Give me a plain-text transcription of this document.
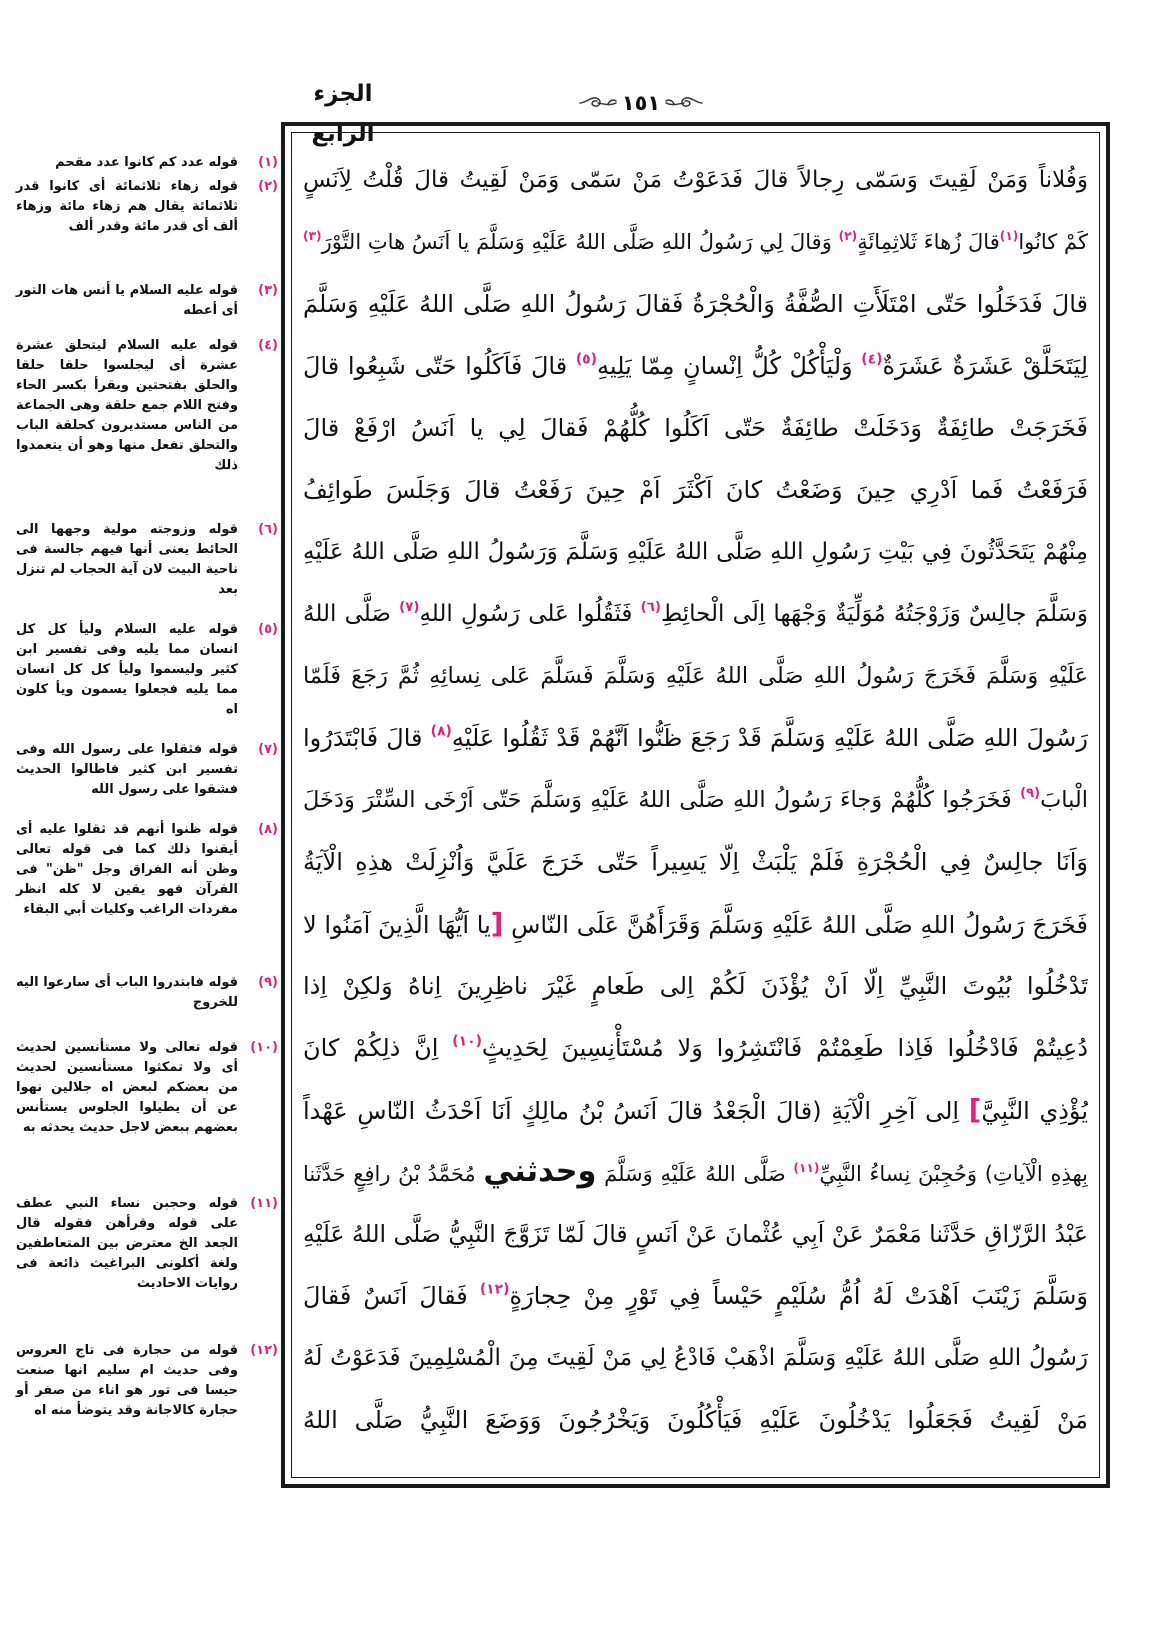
الجزء الرابع
١٥١
(١)
قوله عدد كم كانوا عدد مقحم
(٢)
قوله زهاء ثلاثمائة أى كانوا قدر ثلاثمائة يقال هم زهاء مائة وزهاء ألف أى قدر مائة وقدر ألف
(٣)
قوله عليه السلام يا أنس هات التور أى أعطه
(٤)
قوله عليه السلام ليتحلق عشرة عشرة أى ليجلسوا حلقا حلقا والحلق بفتحتين ويقرأ بكسر الحاء وفتح اللام جمع حلقة وهى الجماعة من الناس مستديرون كحلقة الباب والتحلق تفعل منها وهو أن يتعمدوا ذلك
(٦)
قوله وزوجته مولية وجهها الى الحائط يعنى أنها فيهم جالسة فى ناحية البيت لان آية الحجاب لم تنزل بعد
(٥)
قوله عليه السلام وليأ كل كل انسان مما يليه وفى تفسير ابن كثير وليسموا وليأ كل كل انسان مما يليه فجعلوا يسمون ويأ كلون اه
(٧)
قوله فثقلوا على رسول الله وفى تفسير ابن كثير فاطالوا الحديث فشقوا على رسول الله
(٨)
قوله ظنوا أنهم قد ثقلوا عليه أى أيقنوا ذلك كما فى قوله تعالى وظن أنه الفراق وجل "ظن" فى القرآن فهو يقين لا كله انظر مفردات الراغب وكليات أبي البقاء
(٩)
قوله فابتدروا الباب أى سارعوا اليه للخروج
(١٠)
قوله تعالى ولا مستأنسين لحديث أى ولا تمكثوا مستأنسين لحديث من بعضكم لبعض اه جلالين نهوا عن أن يطيلوا الجلوس يستأنس بعضهم ببعض لاجل حديث يحدثه به
(١١)
قوله وحجبن نساء النبي عطف على قوله وقرأهن فقوله قال الجعد الخ معترض بين المتعاطفين ولغة أكلونى البراغيث ذائعة فى روايات الاحاديث
(١٢)
قوله من حجارة فى تاج العروس وفى حديث ام سليم انها صنعت حيسا فى تور هو اناء من صفر أو حجارة كالاجانة وقد يتوضأ منه اه
وَفُلاناً وَمَنْ لَقِيتَ وَسَمّى رِجالاً قالَ فَدَعَوْتُ مَنْ سَمّى وَمَنْ لَقِيتُ قالَ قُلْتُ لِاَنَسٍ
كَمْ كانُوا$^{(١)}$قالَ زُهاءَ ثَلاثِمِائَةٍ$^{(٢)}$ وَقالَ لِي رَسُولُ اللهِ صَلَّى اللهُ عَلَيْهِ وَسَلَّمَ يا اَنَسُ هاتِ التَّوْرَ$^{(٣)}$
قالَ فَدَخَلُوا حَتّى امْتَلَأَتِ الصُّفَّةُ وَالْحُجْرَةُ فَقالَ رَسُولُ اللهِ صَلَّى اللهُ عَلَيْهِ وَسَلَّمَ
لِيَتَحَلَّقْ عَشَرَةٌ عَشَرَةٌ$^{(٤)}$ وَلْيَأْكُلْ كُلُّ اِنْسانٍ مِمّا يَلِيهِ$^{(٥)}$ قالَ فَاَكَلُوا حَتّى شَبِعُوا قالَ
فَخَرَجَتْ طائِفَةٌ وَدَخَلَتْ طائِفَةٌ حَتّى اَكَلُوا كُلُّهُمْ فَقالَ لِي يا اَنَسُ ارْفَعْ قالَ
فَرَفَعْتُ فَما اَدْرِي حِينَ وَضَعْتُ كانَ اَكْثَرَ اَمْ حِينَ رَفَعْتُ قالَ وَجَلَسَ طَوائِفُ
مِنْهُمْ يَتَحَدَّثُونَ فِي بَيْتِ رَسُولِ اللهِ صَلَّى اللهُ عَلَيْهِ وَسَلَّمَ وَرَسُولُ اللهِ صَلَّى اللهُ عَلَيْهِ
وَسَلَّمَ جالِسٌ وَزَوْجَتُهُ مُوَلِّيَةٌ وَجْهَها اِلَى الْحائِطِ$^{(٦)}$ فَثَقُلُوا عَلى رَسُولِ اللهِ$^{(٧)}$ صَلَّى اللهُ
عَلَيْهِ وَسَلَّمَ فَخَرَجَ رَسُولُ اللهِ صَلَّى اللهُ عَلَيْهِ وَسَلَّمَ فَسَلَّمَ عَلى نِسائِهِ ثُمَّ رَجَعَ فَلَمّا
رَسُولَ اللهِ صَلَّى اللهُ عَلَيْهِ وَسَلَّمَ قَدْ رَجَعَ ظَنُّوا اَنَّهُمْ قَدْ ثَقُلُوا عَلَيْهِ$^{(٨)}$ قالَ فَابْتَدَرُوا
الْبابَ$^{(٩)}$ فَخَرَجُوا كُلُّهُمْ وَجاءَ رَسُولُ اللهِ صَلَّى اللهُ عَلَيْهِ وَسَلَّمَ حَتّى اَرْخَى السِّتْرَ وَدَخَلَ
وَاَنَا جالِسٌ فِي الْحُجْرَةِ فَلَمْ يَلْبَثْ اِلّا يَسِيراً حَتّى خَرَجَ عَلَيَّ وَاُنْزِلَتْ هذِهِ الْآيَةُ
فَخَرَجَ رَسُولُ اللهِ صَلَّى اللهُ عَلَيْهِ وَسَلَّمَ وَقَرَأَهُنَّ عَلَى النّاسِ [يا اَيُّهَا الَّذِينَ آمَنُوا لا
تَدْخُلُوا بُيُوتَ النَّبِيِّ اِلّا اَنْ يُؤْذَنَ لَكُمْ اِلى طَعامٍ غَيْرَ ناظِرِينَ اِناهُ وَلكِنْ اِذا
دُعِيتُمْ فَادْخُلُوا فَاِذا طَعِمْتُمْ فَانْتَشِرُوا وَلا مُسْتَأْنِسِينَ لِحَدِيثٍ$^{(١٠)}$ اِنَّ ذلِكُمْ كانَ
يُؤْذِي النَّبِيَّ] اِلى آخِرِ الْآيَةِ (قالَ الْجَعْدُ قالَ اَنَسُ بْنُ مالِكٍ اَنَا اَحْدَثُ النّاسِ عَهْداً
بِهذِهِ الْآياتِ) وَحُجِبْنَ نِساءُ النَّبِيِّ$^{(١١)}$ صَلَّى اللهُ عَلَيْهِ وَسَلَّمَ وحدثني مُحَمَّدُ بْنُ رافِعٍ حَدَّثَنا
عَبْدُ الرَّزّاقِ حَدَّثَنا مَعْمَرٌ عَنْ اَبِي عُثْمانَ عَنْ اَنَسٍ قالَ لَمّا تَزَوَّجَ النَّبِيُّ صَلَّى اللهُ عَلَيْهِ
وَسَلَّمَ زَيْنَبَ اَهْدَتْ لَهُ اُمُّ سُلَيْمٍ حَيْساً فِي تَوْرٍ مِنْ حِجارَةٍ$^{(١٢)}$ فَقالَ اَنَسٌ فَقالَ
رَسُولُ اللهِ صَلَّى اللهُ عَلَيْهِ وَسَلَّمَ اذْهَبْ فَادْعُ لِي مَنْ لَقِيتَ مِنَ الْمُسْلِمِينَ فَدَعَوْتُ لَهُ
مَنْ لَقِيتُ فَجَعَلُوا يَدْخُلُونَ عَلَيْهِ فَيَأْكُلُونَ وَيَخْرُجُونَ وَوَضَعَ النَّبِيُّ صَلَّى اللهُ
